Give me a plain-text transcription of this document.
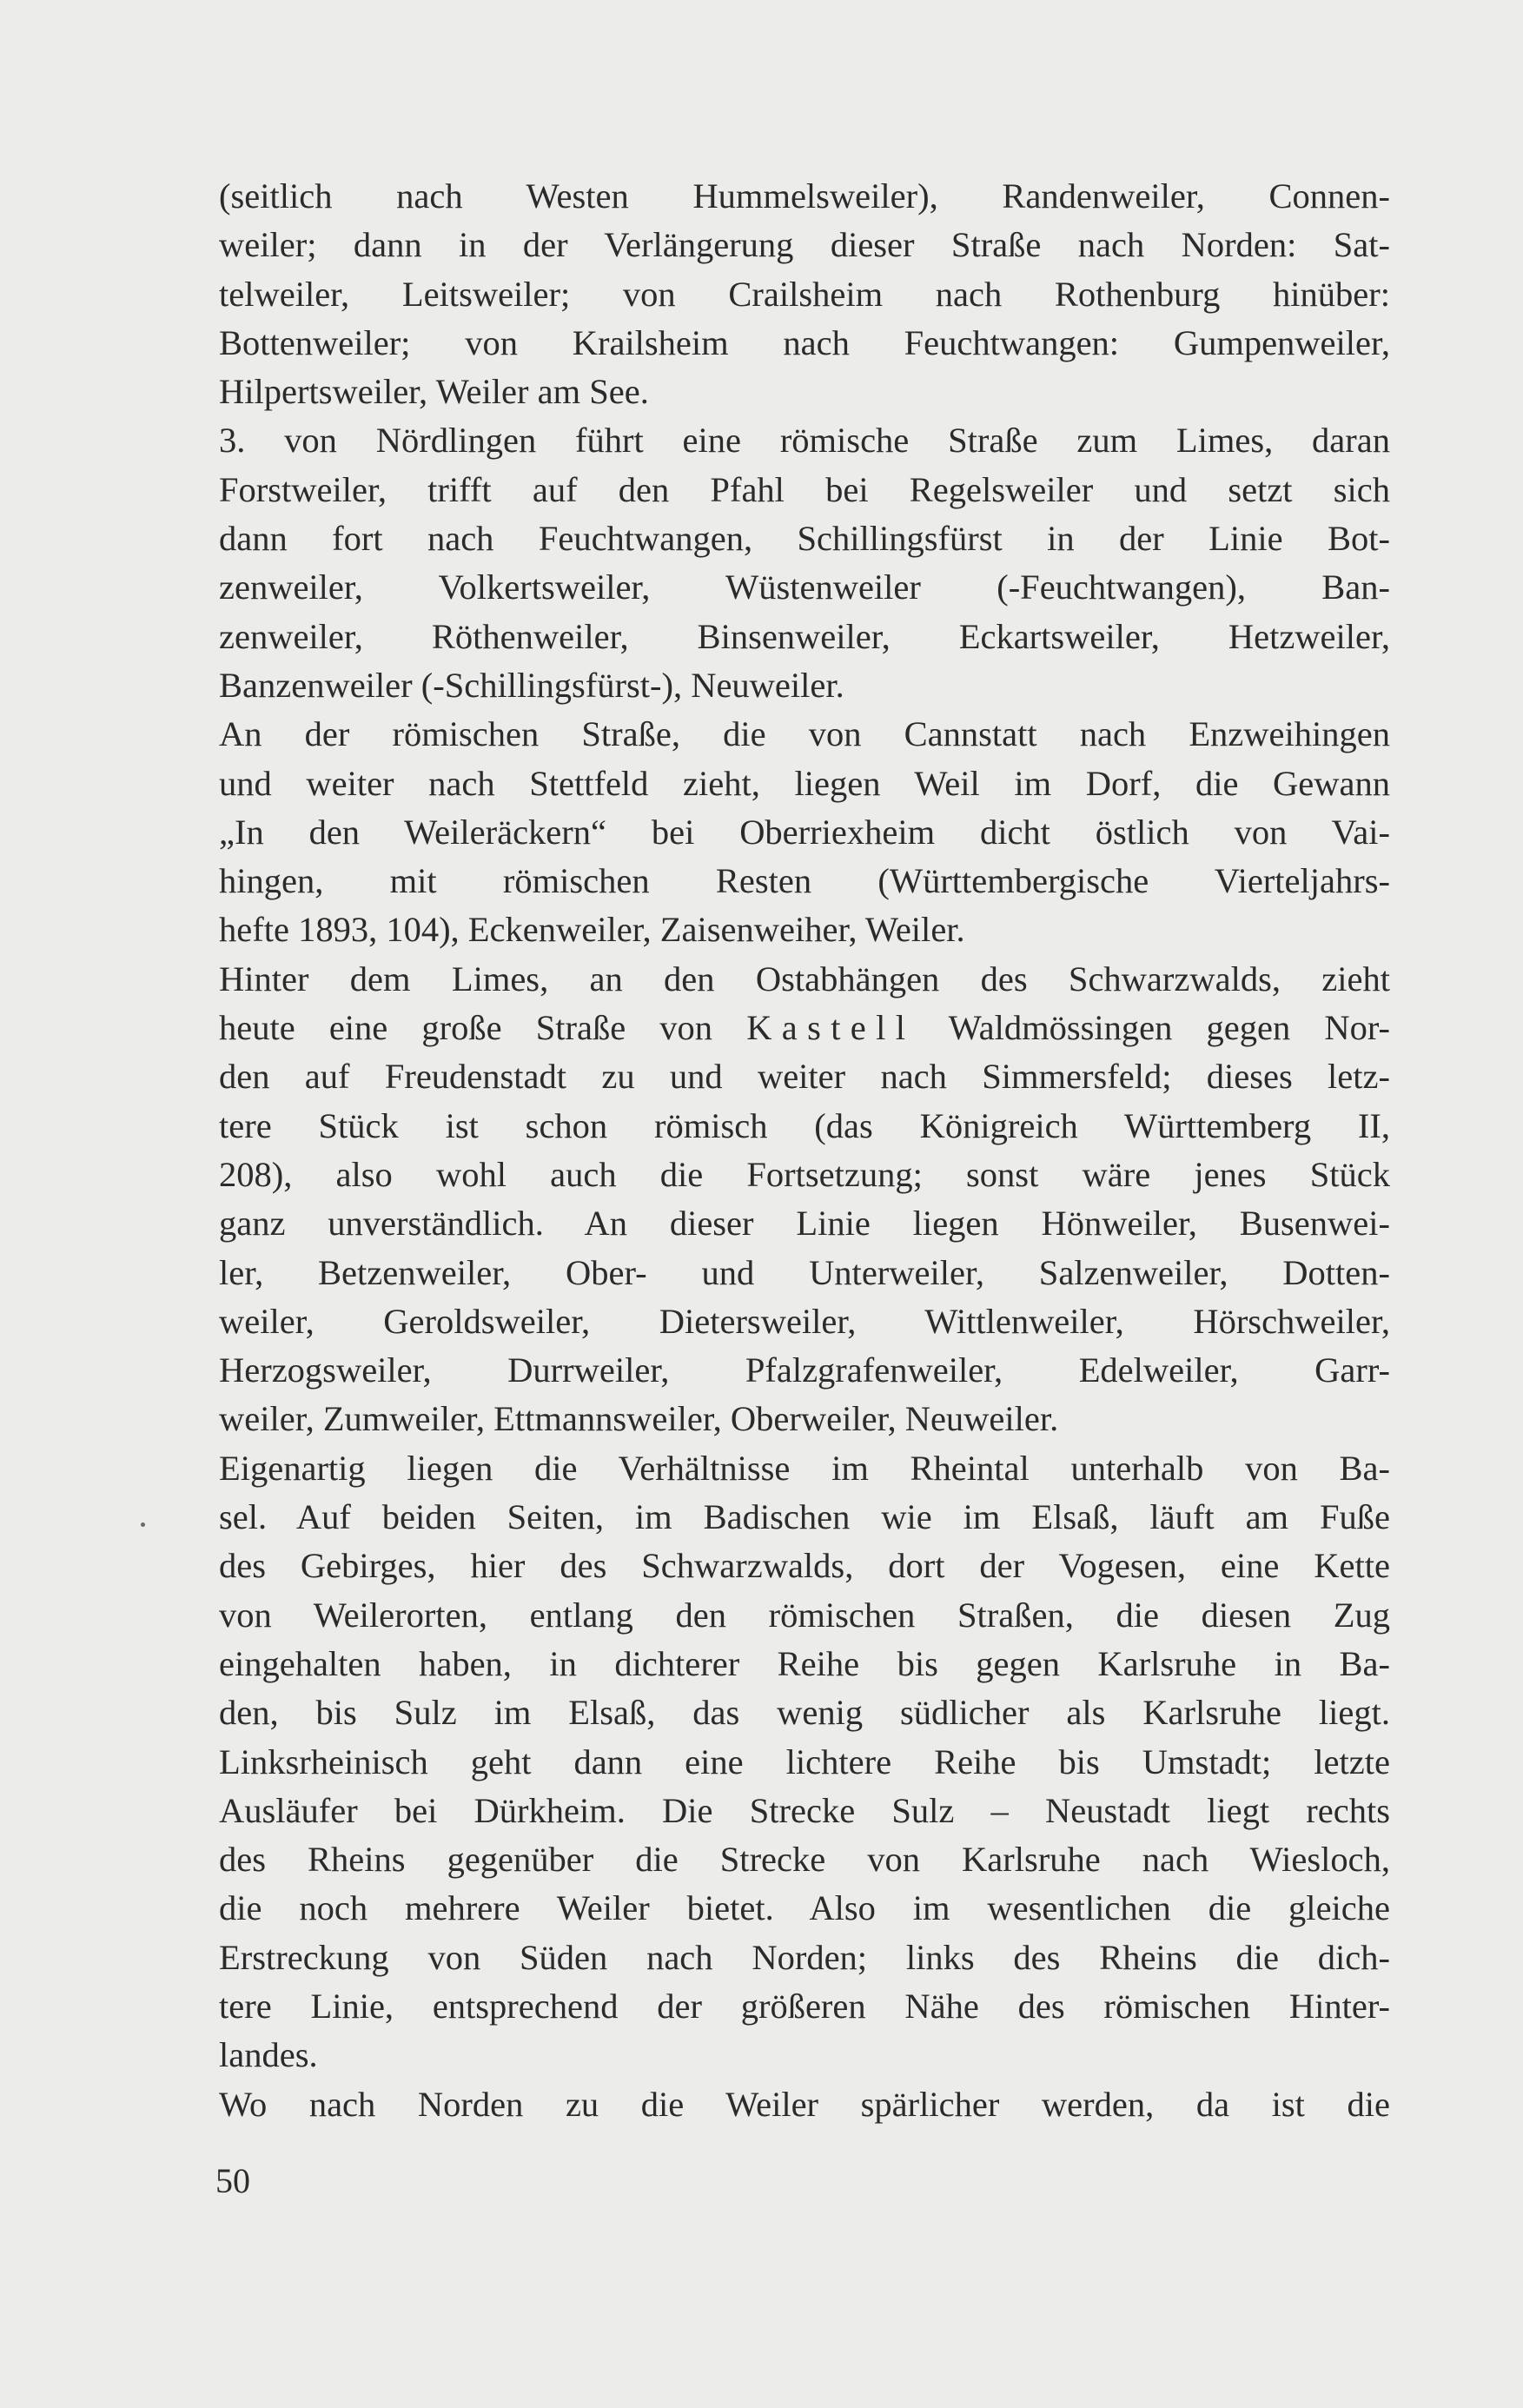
(seitlich nach Westen Hummelsweiler), Randenweiler, Connen-
weiler; dann in der Verlängerung dieser Straße nach Norden: Sat-
telweiler, Leitsweiler; von Crailsheim nach Rothenburg hinüber:
Bottenweiler; von Krailsheim nach Feuchtwangen: Gumpenweiler,
Hilpertsweiler, Weiler am See.
3. von Nördlingen führt eine römische Straße zum Limes, daran
Forstweiler, trifft auf den Pfahl bei Regelsweiler und setzt sich
dann fort nach Feuchtwangen, Schillingsfürst in der Linie Bot-
zenweiler, Volkertsweiler, Wüstenweiler (-Feuchtwangen), Ban-
zenweiler, Röthenweiler, Binsenweiler, Eckartsweiler, Hetzweiler,
Banzenweiler (-Schillingsfürst-), Neuweiler.
An der römischen Straße, die von Cannstatt nach Enzweihingen
und weiter nach Stettfeld zieht, liegen Weil im Dorf, die Gewann
„In den Weileräckern“ bei Oberriexheim dicht östlich von Vai-
hingen, mit römischen Resten (Württembergische Vierteljahrs-
hefte 1893, 104), Eckenweiler, Zaisenweiher, Weiler.
Hinter dem Limes, an den Ostabhängen des Schwarzwalds, zieht
heute eine große Straße von Kastell Waldmössingen gegen Nor-
den auf Freudenstadt zu und weiter nach Simmersfeld; dieses letz-
tere Stück ist schon römisch (das Königreich Württemberg II,
208), also wohl auch die Fortsetzung; sonst wäre jenes Stück
ganz unverständlich. An dieser Linie liegen Hönweiler, Busenwei-
ler, Betzenweiler, Ober- und Unterweiler, Salzenweiler, Dotten-
weiler, Geroldsweiler, Dietersweiler, Wittlenweiler, Hörschweiler,
Herzogsweiler, Durrweiler, Pfalzgrafenweiler, Edelweiler, Garr-
weiler, Zumweiler, Ettmannsweiler, Oberweiler, Neuweiler.
Eigenartig liegen die Verhältnisse im Rheintal unterhalb von Ba-
sel. Auf beiden Seiten, im Badischen wie im Elsaß, läuft am Fuße
des Gebirges, hier des Schwarzwalds, dort der Vogesen, eine Kette
von Weilerorten, entlang den römischen Straßen, die diesen Zug
eingehalten haben, in dichterer Reihe bis gegen Karlsruhe in Ba-
den, bis Sulz im Elsaß, das wenig südlicher als Karlsruhe liegt.
Linksrheinisch geht dann eine lichtere Reihe bis Umstadt; letzte
Ausläufer bei Dürkheim. Die Strecke Sulz – Neustadt liegt rechts
des Rheins gegenüber die Strecke von Karlsruhe nach Wiesloch,
die noch mehrere Weiler bietet. Also im wesentlichen die gleiche
Erstreckung von Süden nach Norden; links des Rheins die dich-
tere Linie, entsprechend der größeren Nähe des römischen Hinter-
landes.
Wo nach Norden zu die Weiler spärlicher werden, da ist die
50
